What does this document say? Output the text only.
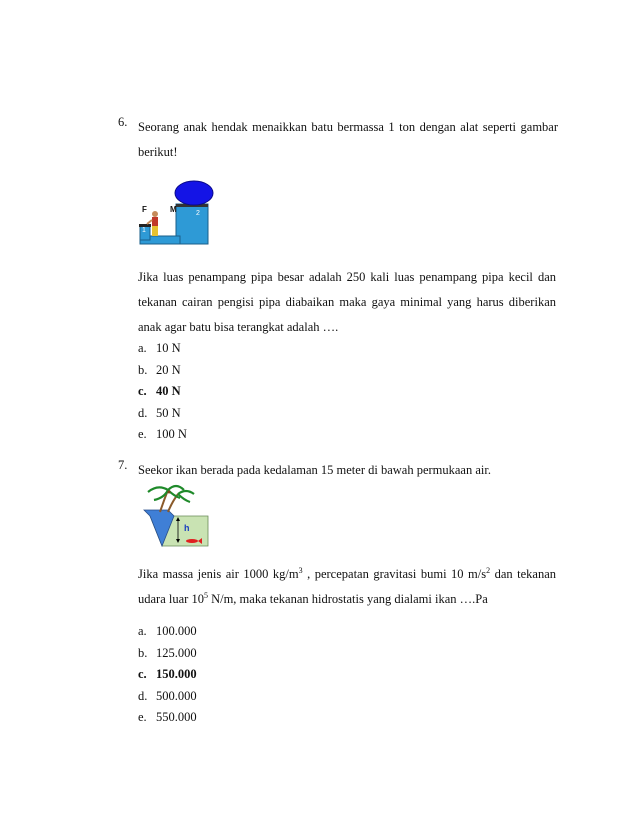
6. Seorang anak hendak menaikkan batu bermassa 1 ton dengan alat seperti gambar berikut!
F	M
1
2
Jika luas penampang pipa besar adalah 250 kali luas penampang pipa kecil dan tekanan cairan pengisi pipa diabaikan maka gaya minimal yang harus diberikan anak agar batu bisa terangkat adalah ….
a. 10 N
b. 20 N
c. 40 N
d. 50 N
e. 100 N
7. Seekor ikan berada pada kedalaman 15 meter di bawah permukaan air.
h
Jika massa jenis air 1000 $kg/m^3$ , percepatan gravitasi bumi 10 $m/s^2$ dan tekanan udara luar $10^5$ N/m, maka tekanan hidrostatis yang dialami ikan ….Pa
a. 100.000
b. 125.000
c. 150.000
d. 500.000
e. 550.000
